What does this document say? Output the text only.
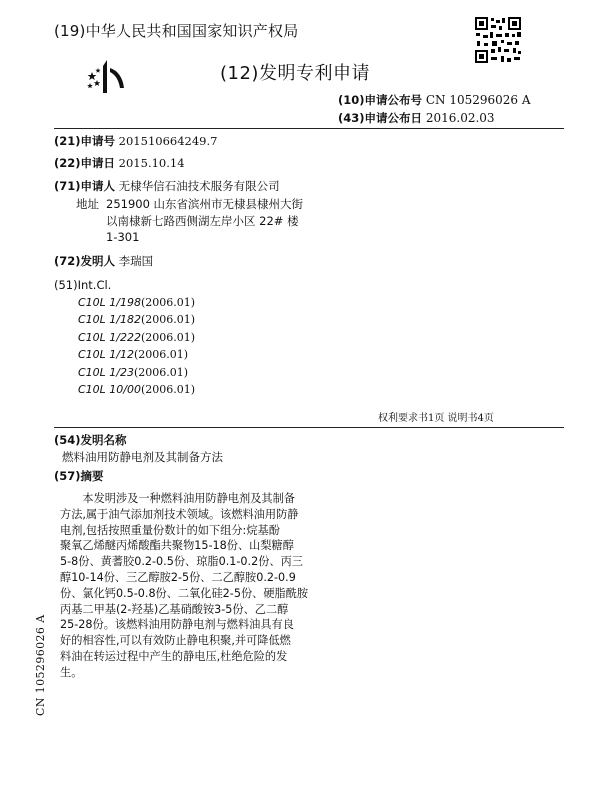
(19)中华人民共和国国家知识产权局
(12)发明专利申请
(10)申请公布号 CN 105296026 A
(43)申请公布日 2016.02.03
(21)申请号 201510664249.7
(22)申请日 2015.10.14
(71)申请人 无棣华信石油技术服务有限公司
地址 251900 山东省滨州市无棣县棣州大街
以南棣新七路西侧湖左岸小区 22# 楼
1-301
(72)发明人 李瑞国
(51)Int.Cl.
C10L 1/198(2006.01)
C10L 1/182(2006.01)
C10L 1/222(2006.01)
C10L 1/12(2006.01)
C10L 1/23(2006.01)
C10L 10/00(2006.01)
权利要求书1页 说明书4页
(54)发明名称
燃料油用防静电剂及其制备方法
(57)摘要
本发明涉及一种燃料油用防静电剂及其制备
方法,属于油气添加剂技术领域。该燃料油用防静
电剂,包括按照重量份数计的如下组分:烷基酚
聚氧乙烯醚丙烯酸酯共聚物15-18份、山梨糖醇
5-8份、黄蓍胶0.2-0.5份、琼脂0.1-0.2份、丙三
醇10-14份、三乙醇胺2-5份、二乙醇胺0.2-0.9
份、氯化钙0.5-0.8份、二氧化硅2-5份、硬脂酰胺
丙基二甲基(2-羟基)乙基硝酸铵3-5份、乙二醇
25-28份。该燃料油用防静电剂与燃料油具有良
好的相容性,可以有效防止静电积聚,并可降低燃
料油在转运过程中产生的静电压,杜绝危险的发
生。
CN 105296026 A
